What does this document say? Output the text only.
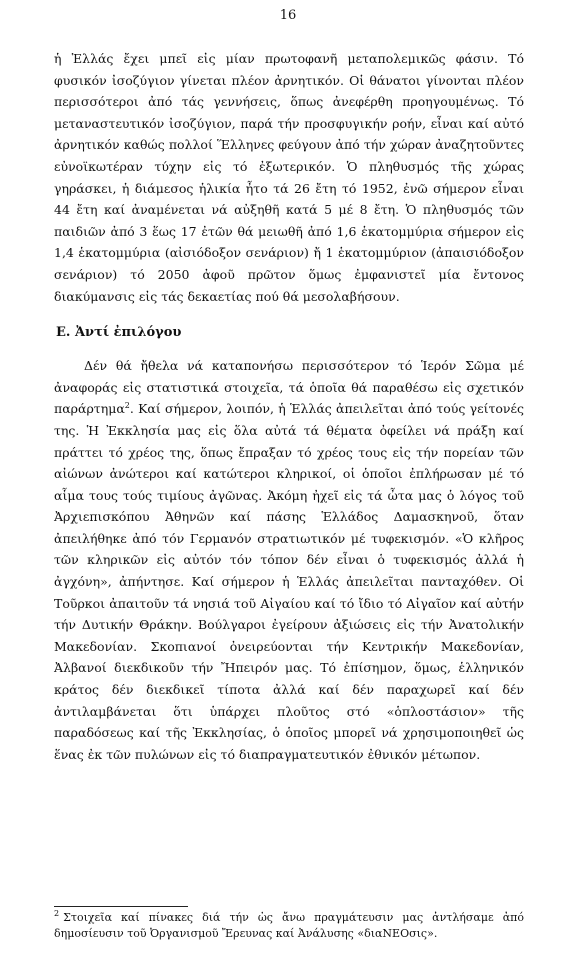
16

ἡ Ἑλλάς ἔχει μπεῖ εἰς μίαν πρωτοφανῆ μεταπολεμικῶς φάσιν. Τό φυσικόν ἰσοζύγιον γίνεται πλέον ἀρνητικόν. Οἱ θάνατοι γίνονται πλέον περισσότεροι ἀπό τάς γεννήσεις, ὅπως ἀνεφέρθη προηγουμένως. Τό μεταναστευτικόν ἰσοζύγιον, παρά τήν προσφυγικήν ροήν, εἶναι καί αὐτό ἀρνητικόν καθώς πολλοί Ἕλληνες φεύγουν ἀπό τήν χώραν ἀναζητοῦντες εὐνοϊκωτέραν τύχην εἰς τό ἐξωτερικόν. Ὁ πληθυσμός τῆς χώρας γηράσκει, ἡ διάμεσος ἡλικία ἦτο τά 26 ἔτη τό 1952, ἐνῶ σήμερον εἶναι 44 ἔτη καί ἀναμένεται νά αὐξηθῆ κατά 5 μέ 8 ἔτη. Ὁ πληθυσμός τῶν παιδιῶν ἀπό 3 ἕως 17 ἐτῶν θά μειωθῆ ἀπό 1,6 ἑκατομμύρια σήμερον εἰς 1,4 ἑκατομμύρια (αἰσιόδοξον σενάριον) ἤ 1 ἑκατομμύριον (ἀπαισιόδοξον σενάριον) τό 2050 ἀφοῦ πρῶτον ὅμως ἐμφανιστεῖ μία ἔντονος διακύμανσις εἰς τάς δεκαετίας πού θά μεσολαβήσουν.

Ε. Ἀντί ἐπιλόγου

Δέν θά ἤθελα νά καταπονήσω περισσότερον τό Ἱερόν Σῶμα μέ ἀναφοράς εἰς στατιστικά στοιχεῖα, τά ὁποῖα θά παραθέσω εἰς σχετικόν παράρτημα$^2$. Καί σήμερον, λοιπόν, ἡ Ἑλλάς ἀπειλεῖται ἀπό τούς γείτονές της. Ἡ Ἐκκλησία μας εἰς ὅλα αὐτά τά θέματα ὀφείλει νά πράξη καί πράττει τό χρέος της, ὅπως ἔπραξαν τό χρέος τους εἰς τήν πορείαν τῶν αἰώνων ἀνώτεροι καί κατώτεροι κληρικοί, οἱ ὁποῖοι ἐπλήρωσαν μέ τό αἷμα τους τούς τιμίους ἀγῶνας. Ἀκόμη ἠχεῖ εἰς τά ὦτα μας ὁ λόγος τοῦ Ἀρχιεπισκόπου Ἀθηνῶν καί πάσης Ἑλλάδος Δαμασκηνοῦ, ὅταν ἀπειλήθηκε ἀπό τόν Γερμανόν στρατιωτικόν μέ τυφεκισμόν. «Ὁ κλῆρος τῶν κληρικῶν εἰς αὐτόν τόν τόπον δέν εἶναι ὁ τυφεκισμός ἀλλά ἡ ἀγχόνη», ἀπήντησε. Καί σήμερον ἡ Ἑλλάς ἀπειλεῖται πανταχόθεν. Οἱ Τοῦρκοι ἀπαιτοῦν τά νησιά τοῦ Αἰγαίου καί τό ἴδιο τό Αἰγαῖον καί αὐτήν τήν Δυτικήν Θράκην. Βούλγαροι ἐγείρουν ἀξιώσεις εἰς τήν Ἀνατολικήν Μακεδονίαν. Σκοπιανοί ὀνειρεύονται τήν Κεντρικήν Μακεδονίαν, Ἀλβανοί διεκδικοῦν τήν Ἤπειρόν μας. Τό ἐπίσημον, ὅμως, ἑλληνικόν κράτος δέν διεκδικεῖ τίποτα ἀλλά καί δέν παραχωρεῖ καί δέν ἀντιλαμβάνεται ὅτι ὑπάρχει πλοῦτος στό «ὁπλοστάσιον» τῆς παραδόσεως καί τῆς Ἐκκλησίας, ὁ ὁποῖος μπορεῖ νά χρησιμοποιηθεῖ ὡς ἕνας ἐκ τῶν πυλώνων εἰς τό διαπραγματευτικόν ἐθνικόν μέτωπον.

$^2$ Στοιχεῖα καί πίνακες διά τήν ὡς ἄνω πραγμάτευσιν μας ἀντλήσαμε ἀπό δημοσίευσιν τοῦ Ὀργανισμοῦ Ἔρευνας καί Ἀνάλυσης «διαΝΕΟσις».
